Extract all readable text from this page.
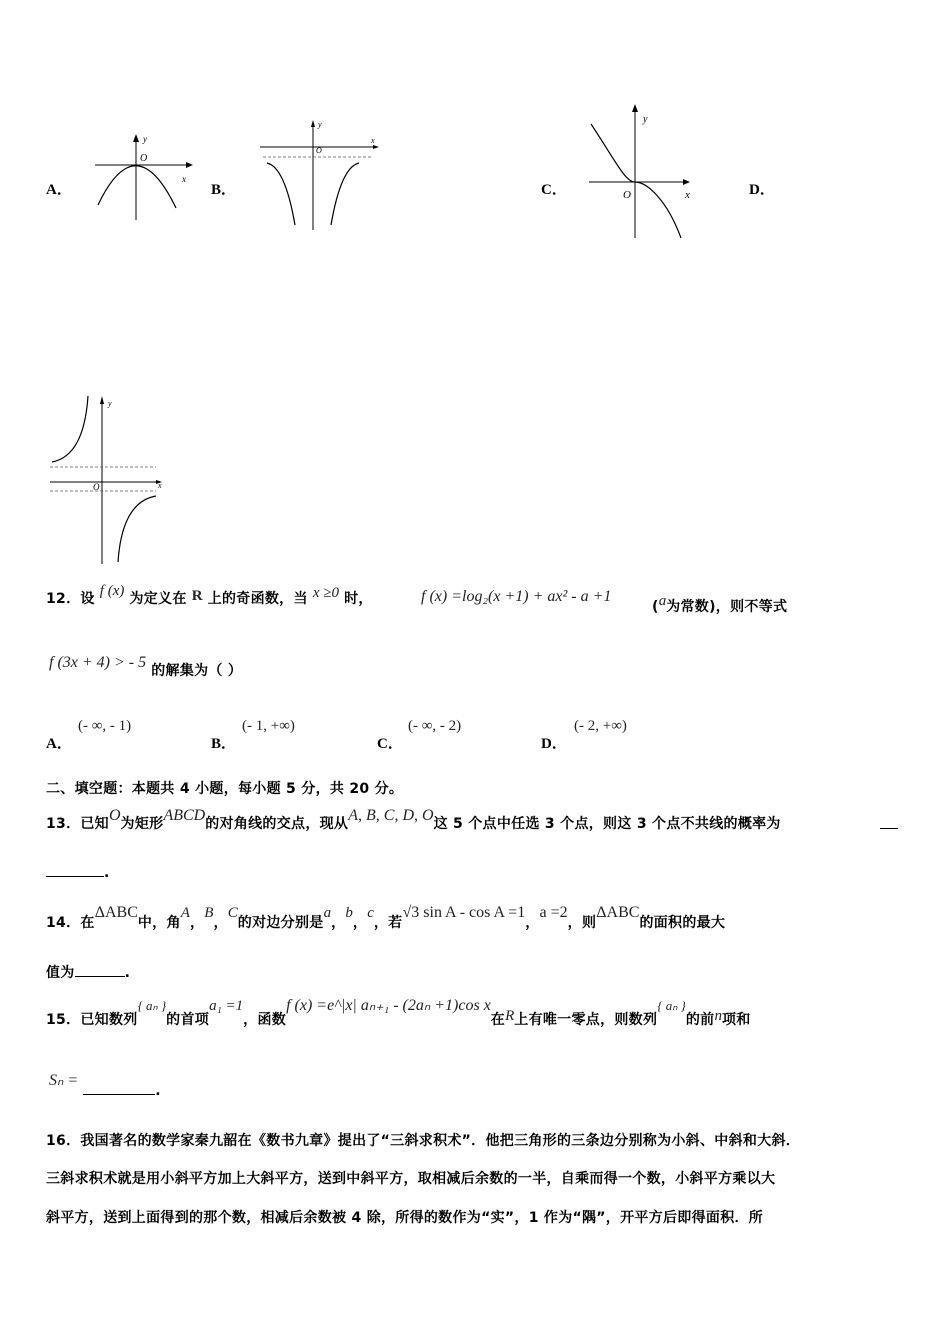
A．
y
O
x
B．
y
O
x
C．
y
O	x	D．
y
O	x
12．设 f (x) 为定义在 R 上的奇函数，当 x ≥0 时，	f (x) =log₂(x +1) + ax² - a +1
(a为常数)，则不等式
f (3x + 4) > - 5 的解集为（ ）
A．
(- ∞, - 1)
B．
(- 1, +∞)
C．
(- ∞, - 2)
D．
(- 2, +∞)
二、填空题：本题共 4 小题，每小题 5 分，共 20 分。
13．已知O为矩形ABCD的对角线的交点，现从A, B, C, D, O这 5 个点中任选 3 个点，则这 3 个点不共线的概率为
.
14．在ΔABC中，角A，B，C的对边分别是a，b，c，若√3 sin A - cos A =1，a =2，则ΔABC的面积的最大
值为	.
15．已知数列{ aₙ }的首项a₁ =1，函数f (x) =e^|x| aₙ₊₁ - (2aₙ +1)cos x在R上有唯一零点，则数列{ aₙ }的前n项和
Sₙ = .
16．我国著名的数学家秦九韶在《数书九章》提出了“三斜求积术”．他把三角形的三条边分别称为小斜、中斜和大斜．
三斜求积术就是用小斜平方加上大斜平方，送到中斜平方，取相减后余数的一半，自乘而得一个数，小斜平方乘以大
斜平方，送到上面得到的那个数，相减后余数被 4 除，所得的数作为“实”，1 作为“隅”，开平方后即得面积．所
